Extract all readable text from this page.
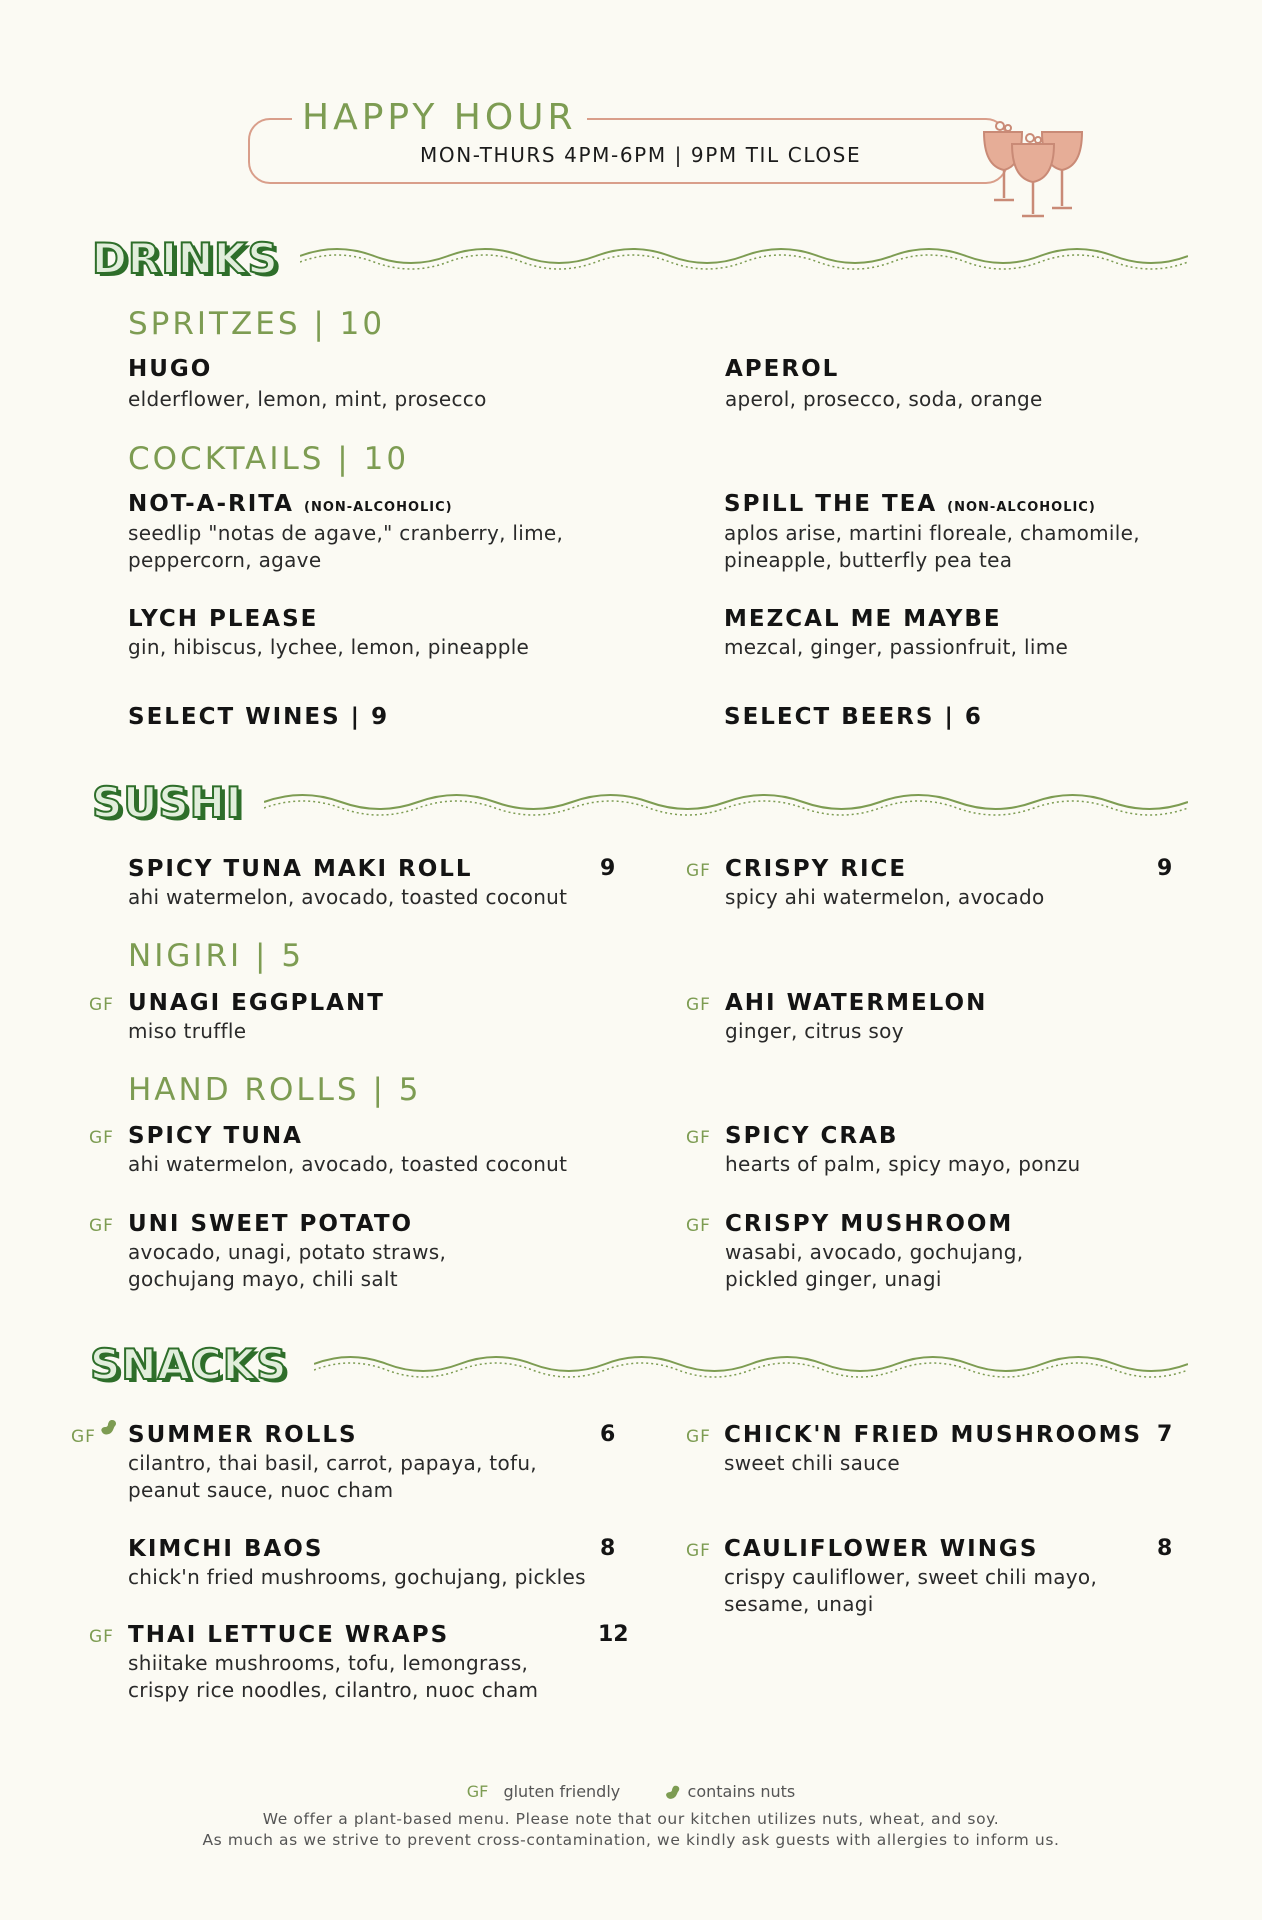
HAPPY HOUR
MON-THURS 4PM-6PM | 9PM TIL CLOSE
DRINKS
SPRITZES | 10
HUGO
elderflower, lemon, mint, prosecco
APEROL
aperol, prosecco, soda, orange
COCKTAILS | 10
NOT-A-RITA (NON-ALCOHOLIC)
seedlip "notas de agave," cranberry, lime,
peppercorn, agave
SPILL THE TEA (NON-ALCOHOLIC)
aplos arise, martini floreale, chamomile,
pineapple, butterfly pea tea
LYCH PLEASE
gin, hibiscus, lychee, lemon, pineapple
MEZCAL ME MAYBE
mezcal, ginger, passionfruit, lime
SELECT WINES | 9	SELECT BEERS | 6
SUSHI
SPICY TUNA MAKI ROLL	9
ahi watermelon, avocado, toasted coconut
GF CRISPY RICE	9
spicy ahi watermelon, avocado
NIGIRI | 5
GF UNAGI EGGPLANT
miso truffle
GF AHI WATERMELON
ginger, citrus soy
HAND ROLLS | 5
GF SPICY TUNA
ahi watermelon, avocado, toasted coconut
GF SPICY CRAB
hearts of palm, spicy mayo, ponzu
GF UNI SWEET POTATO
avocado, unagi, potato straws,
gochujang mayo, chili salt
GF CRISPY MUSHROOM
wasabi, avocado, gochujang,
pickled ginger, unagi
SNACKS
GF SUMMER ROLLS	6
cilantro, thai basil, carrot, papaya, tofu,
peanut sauce, nuoc cham
GF CHICK'N FRIED MUSHROOMS 7
sweet chili sauce
KIMCHI BAOS	8
chick'n fried mushrooms, gochujang, pickles
GF CAULIFLOWER WINGS	8
crispy cauliflower, sweet chili mayo,
sesame, unagi
GF THAI LETTUCE WRAPS	12
shiitake mushrooms, tofu, lemongrass,
crispy rice noodles, cilantro, nuoc cham
GF gluten friendly	contains nuts
We offer a plant-based menu. Please note that our kitchen utilizes nuts, wheat, and soy.
As much as we strive to prevent cross-contamination, we kindly ask guests with allergies to inform us.
